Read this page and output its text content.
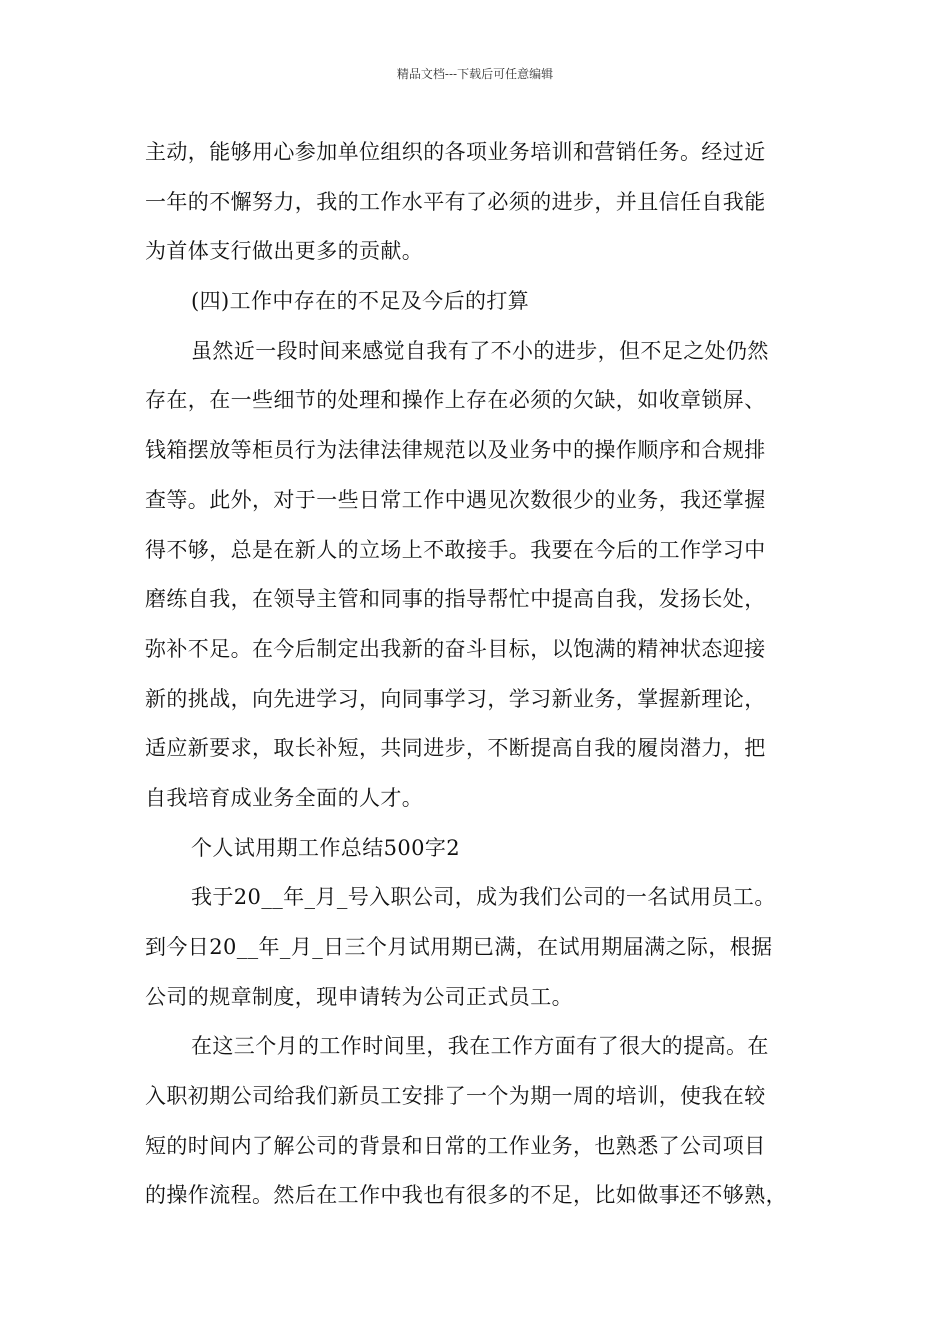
精品文档---下载后可任意编辑
主动，能够用心参加单位组织的各项业务培训和营销任务。经过近
一年的不懈努力，我的工作水平有了必须的进步，并且信任自我能
为首体支行做出更多的贡献。
(四)工作中存在的不足及今后的打算
虽然近一段时间来感觉自我有了不小的进步，但不足之处仍然
存在，在一些细节的处理和操作上存在必须的欠缺，如收章锁屏、
钱箱摆放等柜员行为法律法律规范以及业务中的操作顺序和合规排
查等。此外，对于一些日常工作中遇见次数很少的业务，我还掌握
得不够，总是在新人的立场上不敢接手。我要在今后的工作学习中
磨练自我，在领导主管和同事的指导帮忙中提高自我，发扬长处，
弥补不足。在今后制定出我新的奋斗目标，以饱满的精神状态迎接
新的挑战，向先进学习，向同事学习，学习新业务，掌握新理论，
适应新要求，取长补短，共同进步，不断提高自我的履岗潜力，把
自我培育成业务全面的人才。
个人试用期工作总结500字2
我于20__年_月_号入职公司，成为我们公司的一名试用员工。
到今日20__年_月_日三个月试用期已满，在试用期届满之际，根据
公司的规章制度，现申请转为公司正式员工。
在这三个月的工作时间里，我在工作方面有了很大的提高。在
入职初期公司给我们新员工安排了一个为期一周的培训，使我在较
短的时间内了解公司的背景和日常的工作业务，也熟悉了公司项目
的操作流程。然后在工作中我也有很多的不足，比如做事还不够熟，
